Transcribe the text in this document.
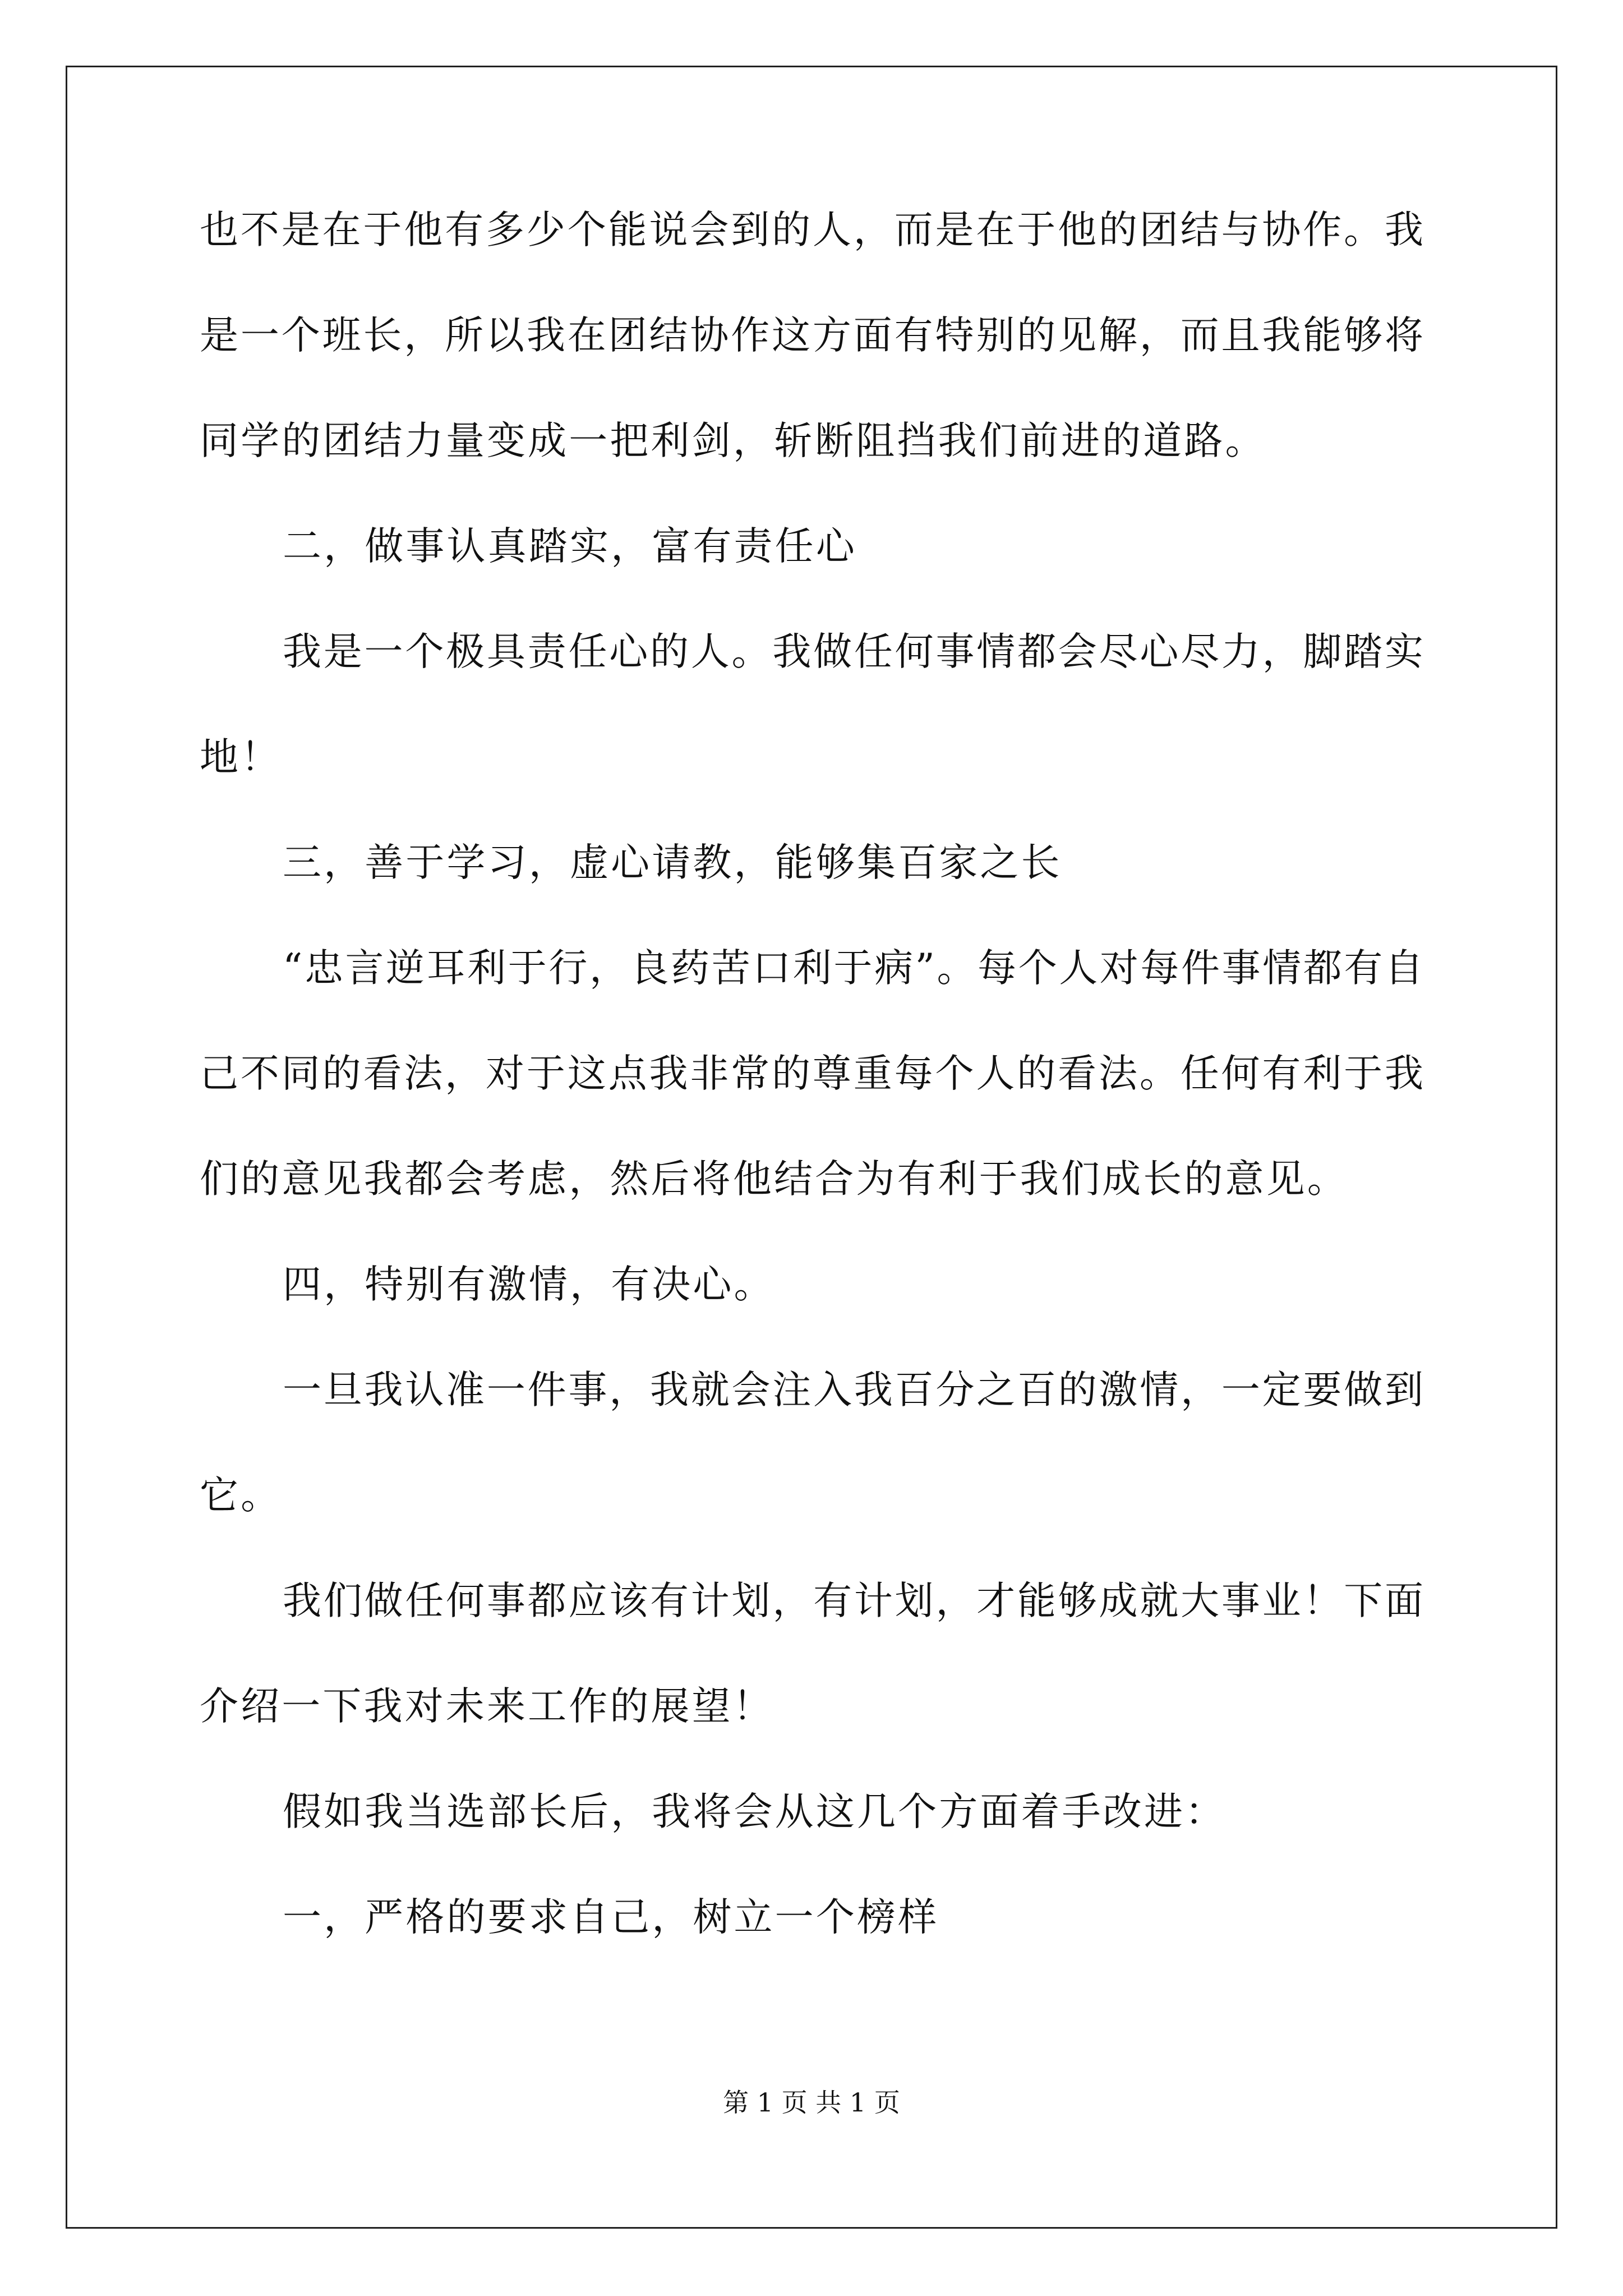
也不是在于他有多少个能说会到的人，而是在于他的团结与协作。我
是一个班长，所以我在团结协作这方面有特别的见解，而且我能够将
同学的团结力量变成一把利剑，斩断阻挡我们前进的道路。
二，做事认真踏实，富有责任心
我是一个极具责任心的人。我做任何事情都会尽心尽力，脚踏实
地！
三，善于学习，虚心请教，能够集百家之长
“忠言逆耳利于行，良药苦口利于病”。每个人对每件事情都有自
己不同的看法，对于这点我非常的尊重每个人的看法。任何有利于我
们的意见我都会考虑，然后将他结合为有利于我们成长的意见。
四，特别有激情，有决心。
一旦我认准一件事，我就会注入我百分之百的激情，一定要做到
它。
我们做任何事都应该有计划，有计划，才能够成就大事业！下面
介绍一下我对未来工作的展望！
假如我当选部长后，我将会从这几个方面着手改进：
一，严格的要求自己，树立一个榜样
第 1 页 共 1 页
